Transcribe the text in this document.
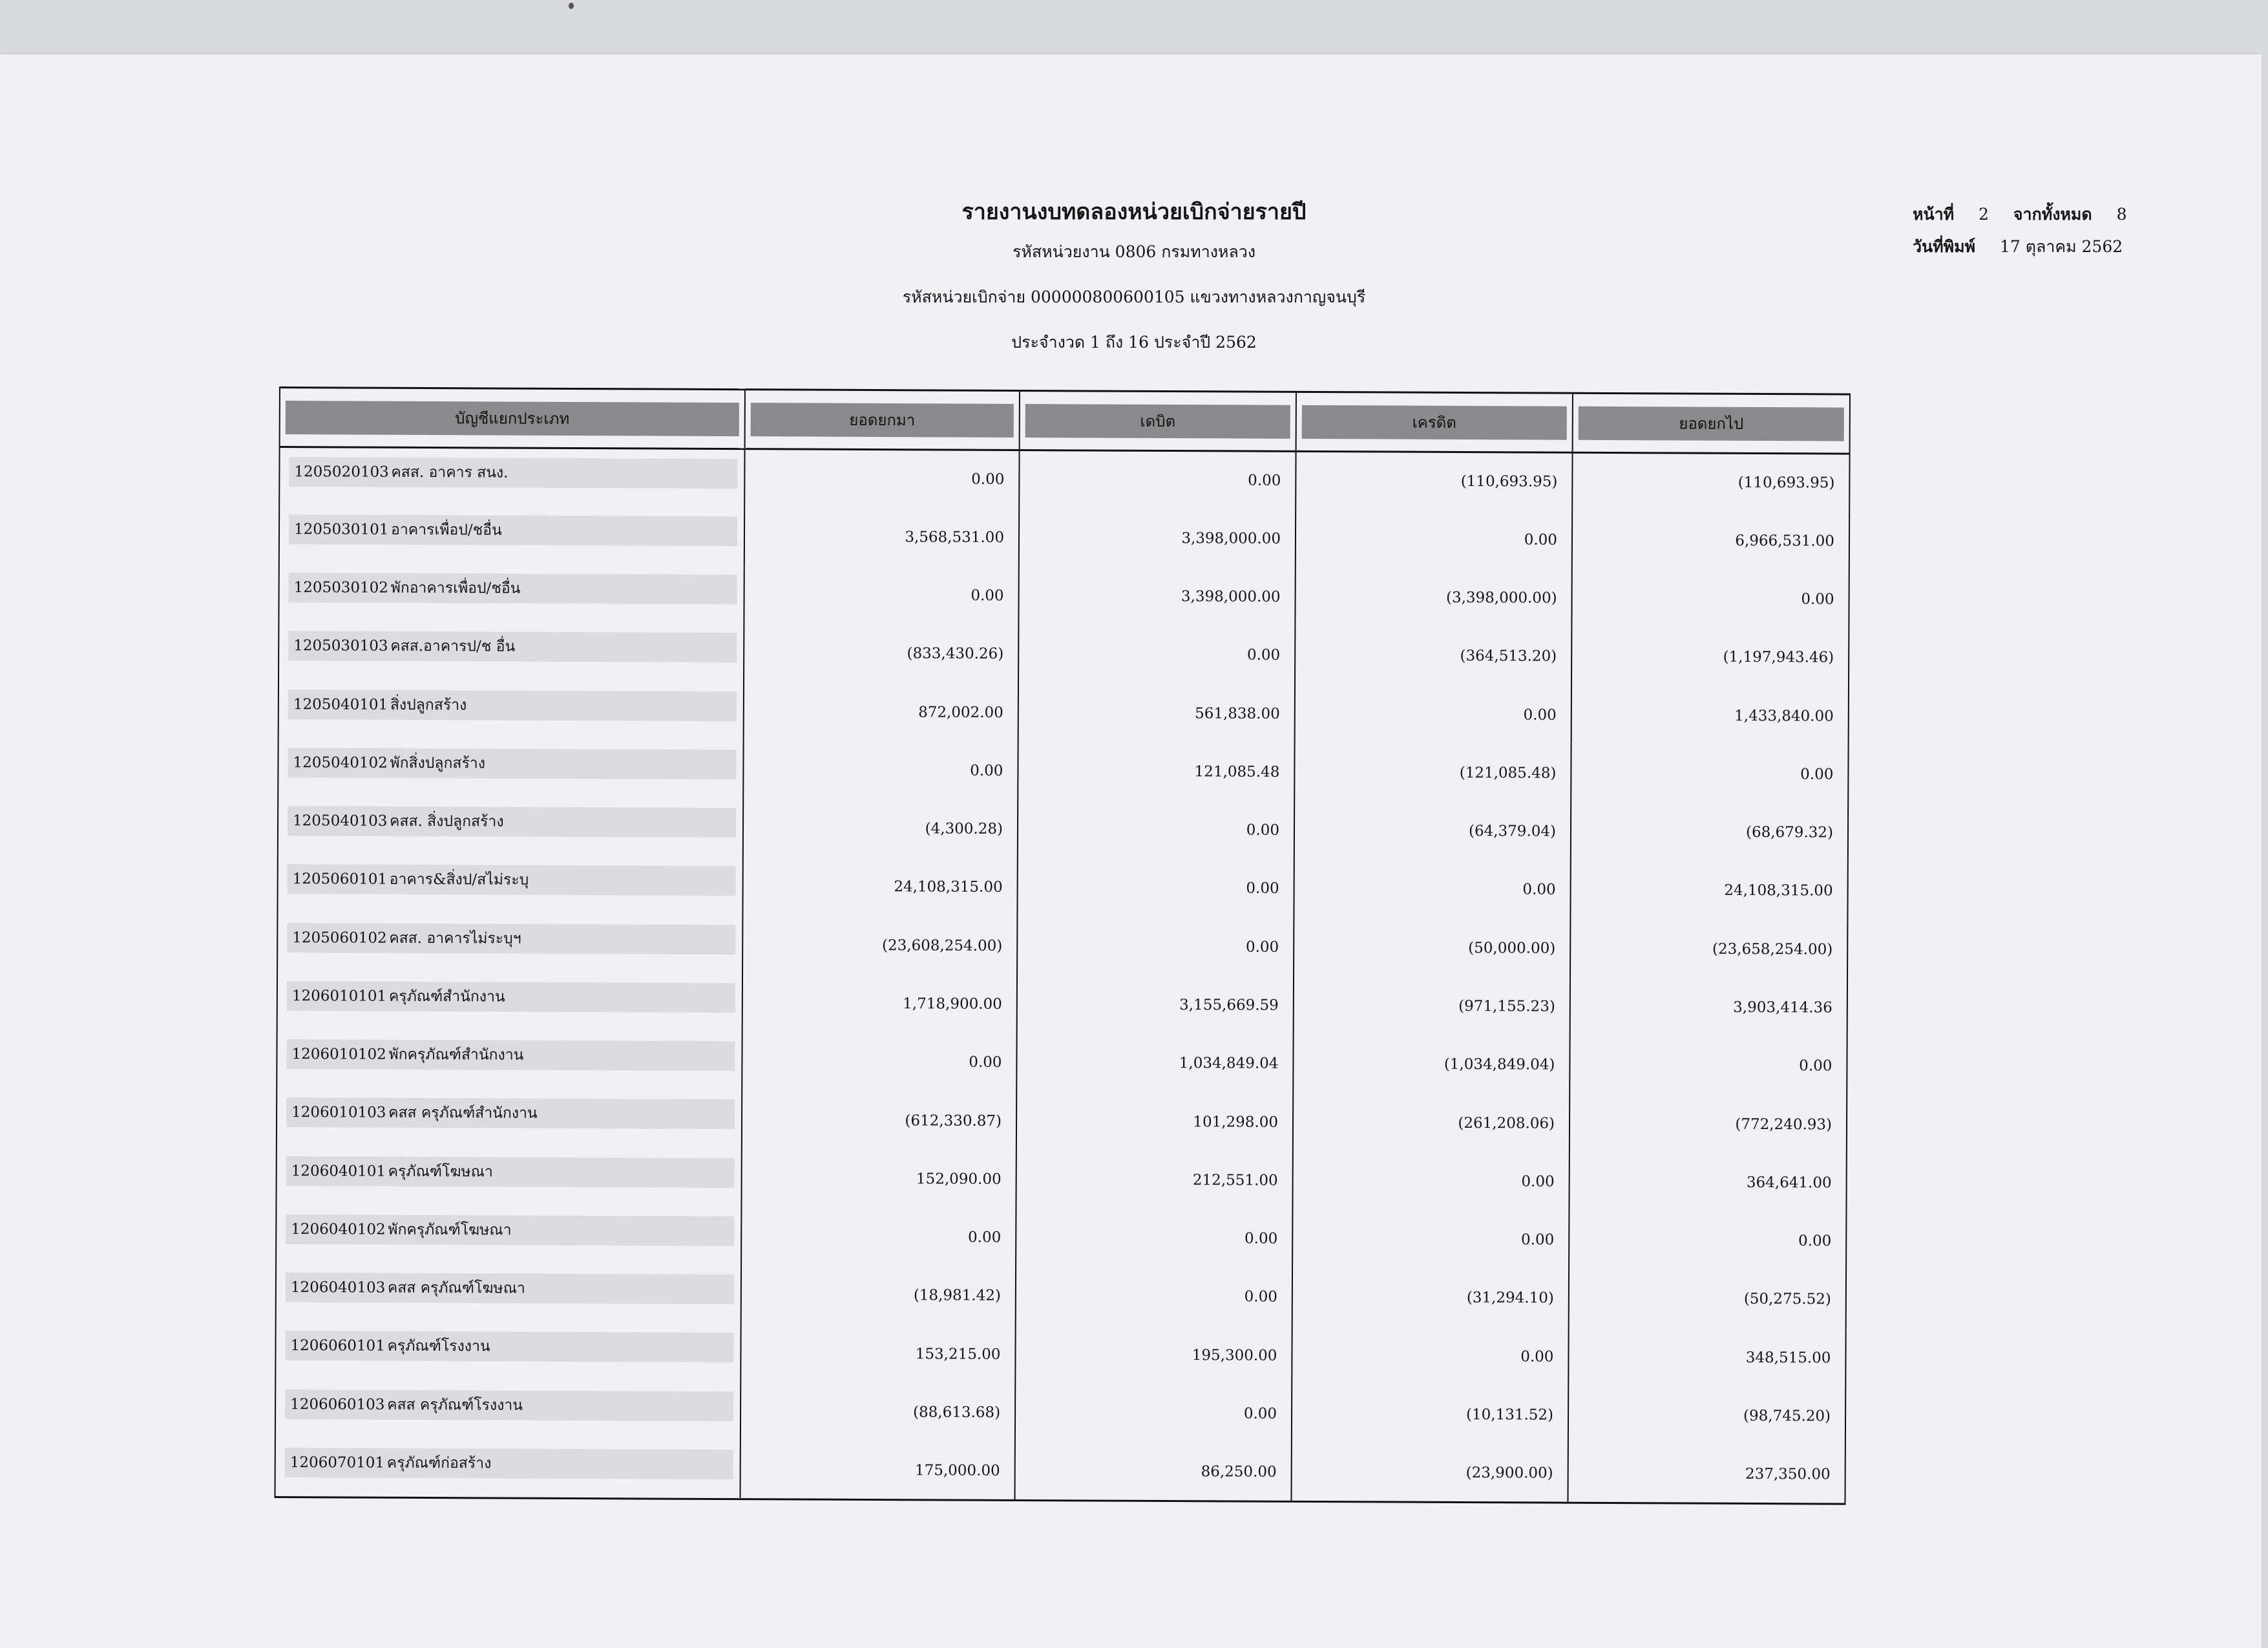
รายงานงบทดลองหน่วยเบิกจ่ายรายปี
รหัสหน่วยงาน 0806 กรมทางหลวง
รหัสหน่วยเบิกจ่าย 000000800600105 แขวงทางหลวงกาญจนบุรี
ประจำงวด 1 ถึง 16 ประจำปี 2562
หน้าที่ 2 จากทั้งหมด 8
วันที่พิมพ์ 17 ตุลาคม 2562
บัญชีแยกประเภท	ยอดยกมา	เดบิต	เครดิต	ยอดยกไป

1205020103 คสส. อาคาร สนง.	0.00	0.00	(110,693.95)	(110,693.95)

1205030101 อาคารเพื่อป/ชอื่น	3,568,531.00	3,398,000.00	0.00	6,966,531.00

1205030102 พักอาคารเพื่อป/ชอื่น	0.00	3,398,000.00	(3,398,000.00)	0.00

1205030103 คสส.อาคารป/ช อื่น	(833,430.26)	0.00	(364,513.20)	(1,197,943.46)

1205040101 สิ่งปลูกสร้าง	872,002.00	561,838.00	0.00	1,433,840.00

1205040102 พักสิ่งปลูกสร้าง	0.00	121,085.48	(121,085.48)	0.00

1205040103 คสส. สิ่งปลูกสร้าง	(4,300.28)	0.00	(64,379.04)	(68,679.32)

1205060101 อาคาร&สิ่งป/สไม่ระบุ	24,108,315.00	0.00	0.00	24,108,315.00

1205060102 คสส. อาคารไม่ระบุฯ	(23,608,254.00)	0.00	(50,000.00)	(23,658,254.00)

1206010101 ครุภัณฑ์สำนักงาน	1,718,900.00	3,155,669.59	(971,155.23)	3,903,414.36

1206010102 พักครุภัณฑ์สำนักงาน	0.00	1,034,849.04	(1,034,849.04)	0.00

1206010103 คสส ครุภัณฑ์สำนักงาน	(612,330.87)	101,298.00	(261,208.06)	(772,240.93)

1206040101 ครุภัณฑ์โฆษณา	152,090.00	212,551.00	0.00	364,641.00

1206040102 พักครุภัณฑ์โฆษณา	0.00	0.00	0.00	0.00

1206040103 คสส ครุภัณฑ์โฆษณา	(18,981.42)	0.00	(31,294.10)	(50,275.52)

1206060101 ครุภัณฑ์โรงงาน	153,215.00	195,300.00	0.00	348,515.00

1206060103 คสส ครุภัณฑ์โรงงาน	(88,613.68)	0.00	(10,131.52)	(98,745.20)

1206070101 ครุภัณฑ์ก่อสร้าง	175,000.00	86,250.00	(23,900.00)	237,350.00
